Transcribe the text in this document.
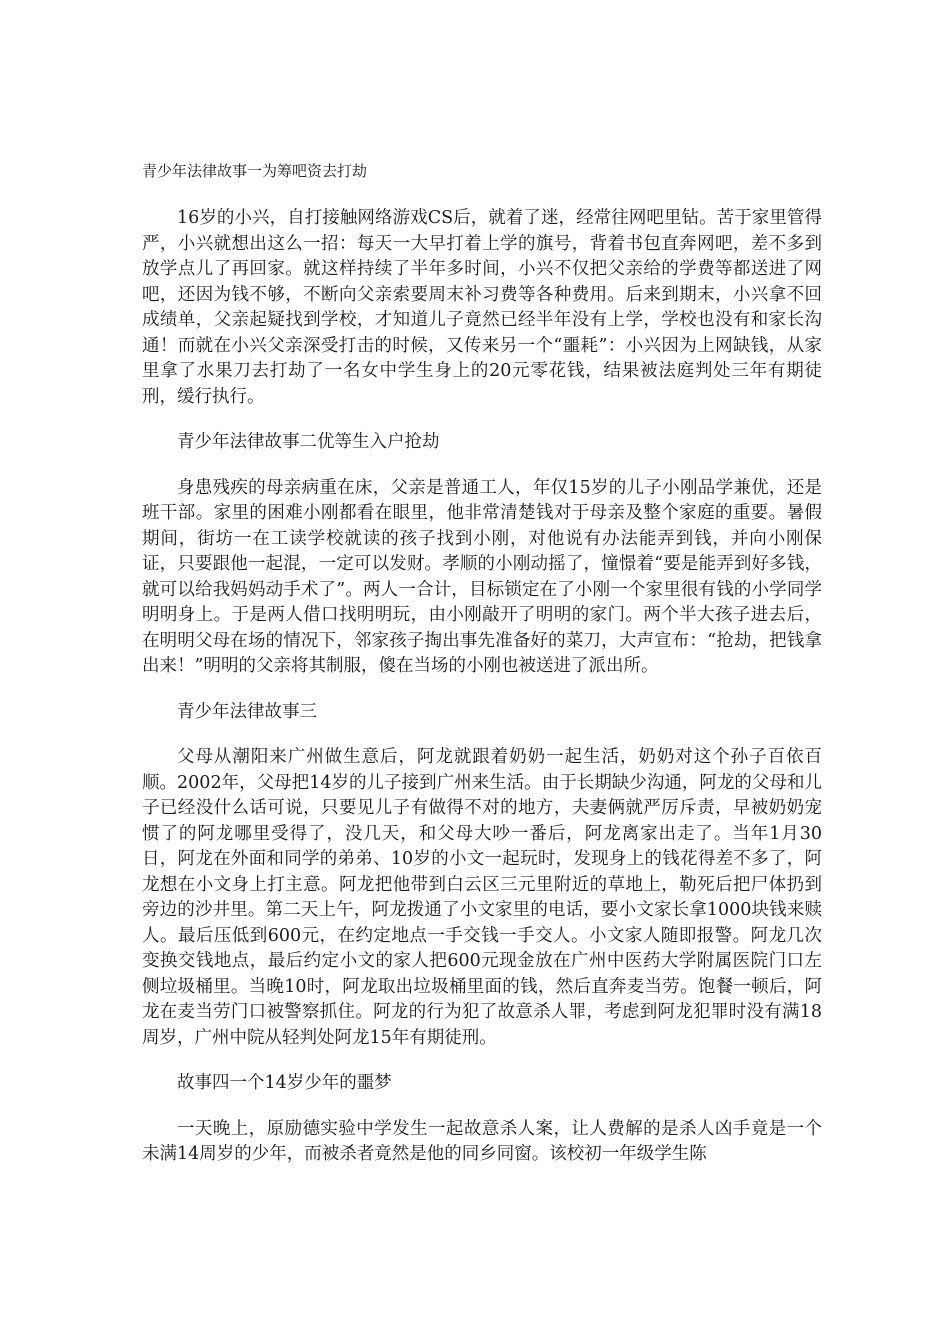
青少年法律故事一为筹吧资去打劫

16岁的小兴，自打接触网络游戏CS后，就着了迷，经常往网吧里钻。苦于家里管得严，小兴就想出这么一招：每天一大早打着上学的旗号，背着书包直奔网吧，差不多到放学点儿了再回家。就这样持续了半年多时间，小兴不仅把父亲给的学费等都送进了网吧，还因为钱不够，不断向父亲索要周末补习费等各种费用。后来到期末，小兴拿不回成绩单，父亲起疑找到学校，才知道儿子竟然已经半年没有上学，学校也没有和家长沟通！而就在小兴父亲深受打击的时候，又传来另一个“噩耗”：小兴因为上网缺钱，从家里拿了水果刀去打劫了一名女中学生身上的20元零花钱，结果被法庭判处三年有期徒刑，缓行执行。

青少年法律故事二优等生入户抢劫

身患残疾的母亲病重在床，父亲是普通工人，年仅15岁的儿子小刚品学兼优，还是班干部。家里的困难小刚都看在眼里，他非常清楚钱对于母亲及整个家庭的重要。暑假期间，街坊一在工读学校就读的孩子找到小刚，对他说有办法能弄到钱，并向小刚保证，只要跟他一起混，一定可以发财。孝顺的小刚动摇了，憧憬着“要是能弄到好多钱，就可以给我妈妈动手术了”。两人一合计，目标锁定在了小刚一个家里很有钱的小学同学明明身上。于是两人借口找明明玩，由小刚敲开了明明的家门。两个半大孩子进去后，在明明父母在场的情况下，邻家孩子掏出事先准备好的菜刀，大声宣布：“抢劫，把钱拿出来！”明明的父亲将其制服，傻在当场的小刚也被送进了派出所。

青少年法律故事三

父母从潮阳来广州做生意后，阿龙就跟着奶奶一起生活，奶奶对这个孙子百依百顺。2002年，父母把14岁的儿子接到广州来生活。由于长期缺少沟通，阿龙的父母和儿子已经没什么话可说，只要见儿子有做得不对的地方，夫妻俩就严厉斥责，早被奶奶宠惯了的阿龙哪里受得了，没几天，和父母大吵一番后，阿龙离家出走了。当年1月30日，阿龙在外面和同学的弟弟、10岁的小文一起玩时，发现身上的钱花得差不多了，阿龙想在小文身上打主意。阿龙把他带到白云区三元里附近的草地上，勒死后把尸体扔到旁边的沙井里。第二天上午，阿龙拨通了小文家里的电话，要小文家长拿1000块钱来赎人。最后压低到600元，在约定地点一手交钱一手交人。小文家人随即报警。阿龙几次变换交钱地点，最后约定小文的家人把600元现金放在广州中医药大学附属医院门口左侧垃圾桶里。当晚10时，阿龙取出垃圾桶里面的钱，然后直奔麦当劳。饱餐一顿后，阿龙在麦当劳门口被警察抓住。阿龙的行为犯了故意杀人罪，考虑到阿龙犯罪时没有满18周岁，广州中院从轻判处阿龙15年有期徒刑。

故事四一个14岁少年的噩梦

一天晚上，原励德实验中学发生一起故意杀人案，让人费解的是杀人凶手竟是一个未满14周岁的少年，而被杀者竟然是他的同乡同窗。该校初一年级学生陈
